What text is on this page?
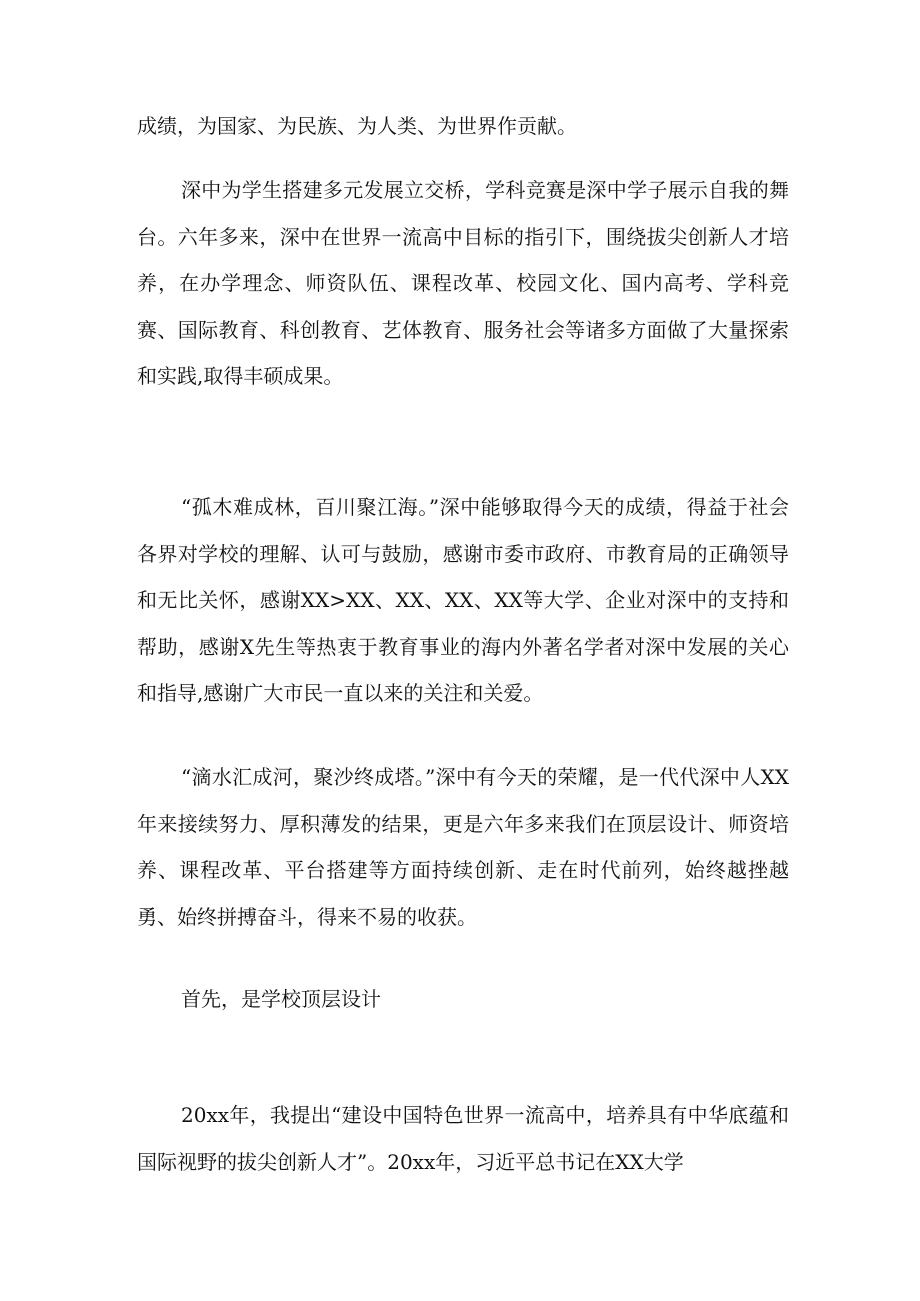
成绩，为国家、为民族、为人类、为世界作贡献。

深中为学生搭建多元发展立交桥，学科竞赛是深中学子展示自我的舞台。六年多来，深中在世界一流高中目标的指引下，围绕拔尖创新人才培养，在办学理念、师资队伍、课程改革、校园文化、国内高考、学科竞赛、国际教育、科创教育、艺体教育、服务社会等诸多方面做了大量探索和实践,取得丰硕成果。

“孤木难成林，百川聚江海。”深中能够取得今天的成绩，得益于社会各界对学校的理解、认可与鼓励，感谢市委市政府、市教育局的正确领导和无比关怀，感谢XX>XX、XX、XX、XX等大学、企业对深中的支持和帮助，感谢X先生等热衷于教育事业的海内外著名学者对深中发展的关心和指导,感谢广大市民一直以来的关注和关爱。

“滴水汇成河，聚沙终成塔。”深中有今天的荣耀，是一代代深中人XX年来接续努力、厚积薄发的结果，更是六年多来我们在顶层设计、师资培养、课程改革、平台搭建等方面持续创新、走在时代前列，始终越挫越勇、始终拼搏奋斗，得来不易的收获。

首先，是学校顶层设计

20xx年，我提出“建设中国特色世界一流高中，培养具有中华底蕴和国际视野的拔尖创新人才”。20xx年，习近平总书记在XX大学
